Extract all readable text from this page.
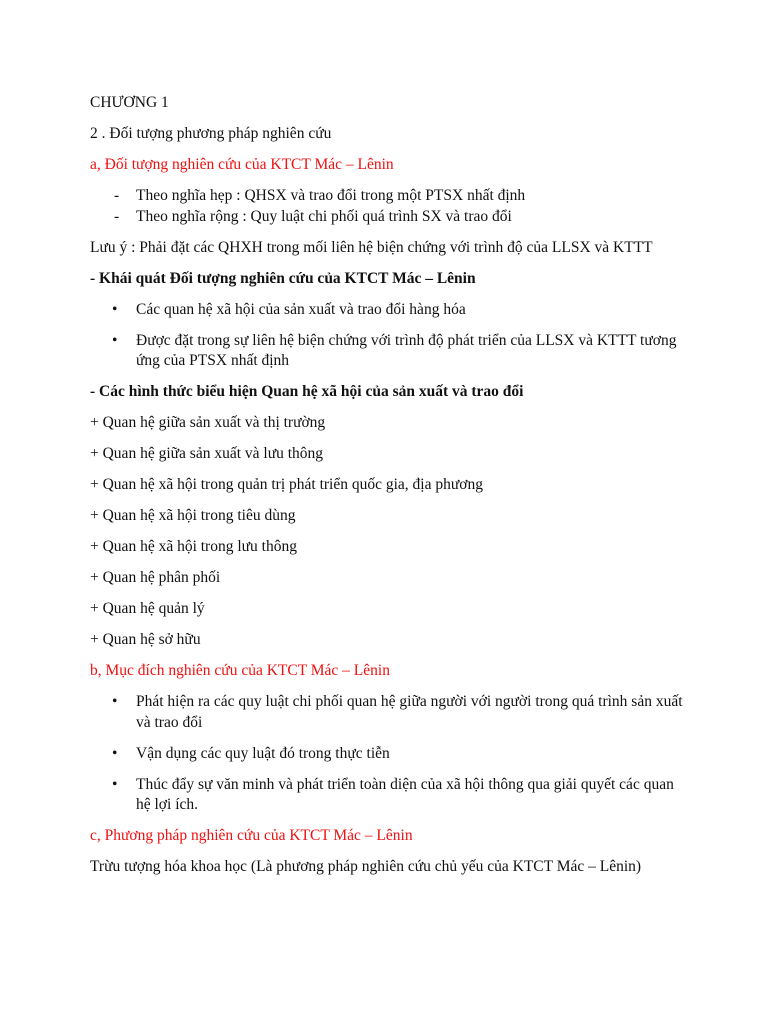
CHƯƠNG 1

2 . Đối tượng phương pháp nghiên cứu

a, Đối tượng nghiên cứu của KTCT Mác – Lênin

- Theo nghĩa hẹp : QHSX và trao đổi trong một PTSX nhất định
- Theo nghĩa rộng : Quy luật chi phối quá trình SX và trao đổi

Lưu ý : Phải đặt các QHXH trong mối liên hệ biện chứng với trình độ của LLSX và KTTT

- Khái quát Đối tượng nghiên cứu của KTCT Mác – Lênin

• Các quan hệ xã hội của sản xuất và trao đổi hàng hóa
• Được đặt trong sự liên hệ biện chứng với trình độ phát triển của LLSX và KTTT tương ứng của PTSX nhất định

- Các hình thức biểu hiện Quan hệ xã hội của sản xuất và trao đổi

+ Quan hệ giữa sản xuất và thị trường

+ Quan hệ giữa sản xuất và lưu thông

+ Quan hệ xã hội trong quản trị phát triển quốc gia, địa phương

+ Quan hệ xã hội trong tiêu dùng

+ Quan hệ xã hội trong lưu thông

+ Quan hệ phân phối

+ Quan hệ quản lý

+ Quan hệ sở hữu

b, Mục đích nghiên cứu của KTCT Mác – Lênin

• Phát hiện ra các quy luật chi phối quan hệ giữa người với người trong quá trình sản xuất và trao đổi
• Vận dụng các quy luật đó trong thực tiễn
• Thúc đẩy sự văn minh và phát triển toàn diện của xã hội thông qua giải quyết các quan hệ lợi ích.

c, Phương pháp nghiên cứu của KTCT Mác – Lênin

Trừu tượng hóa khoa học (Là phương pháp nghiên cứu chủ yếu của KTCT Mác – Lênin)
